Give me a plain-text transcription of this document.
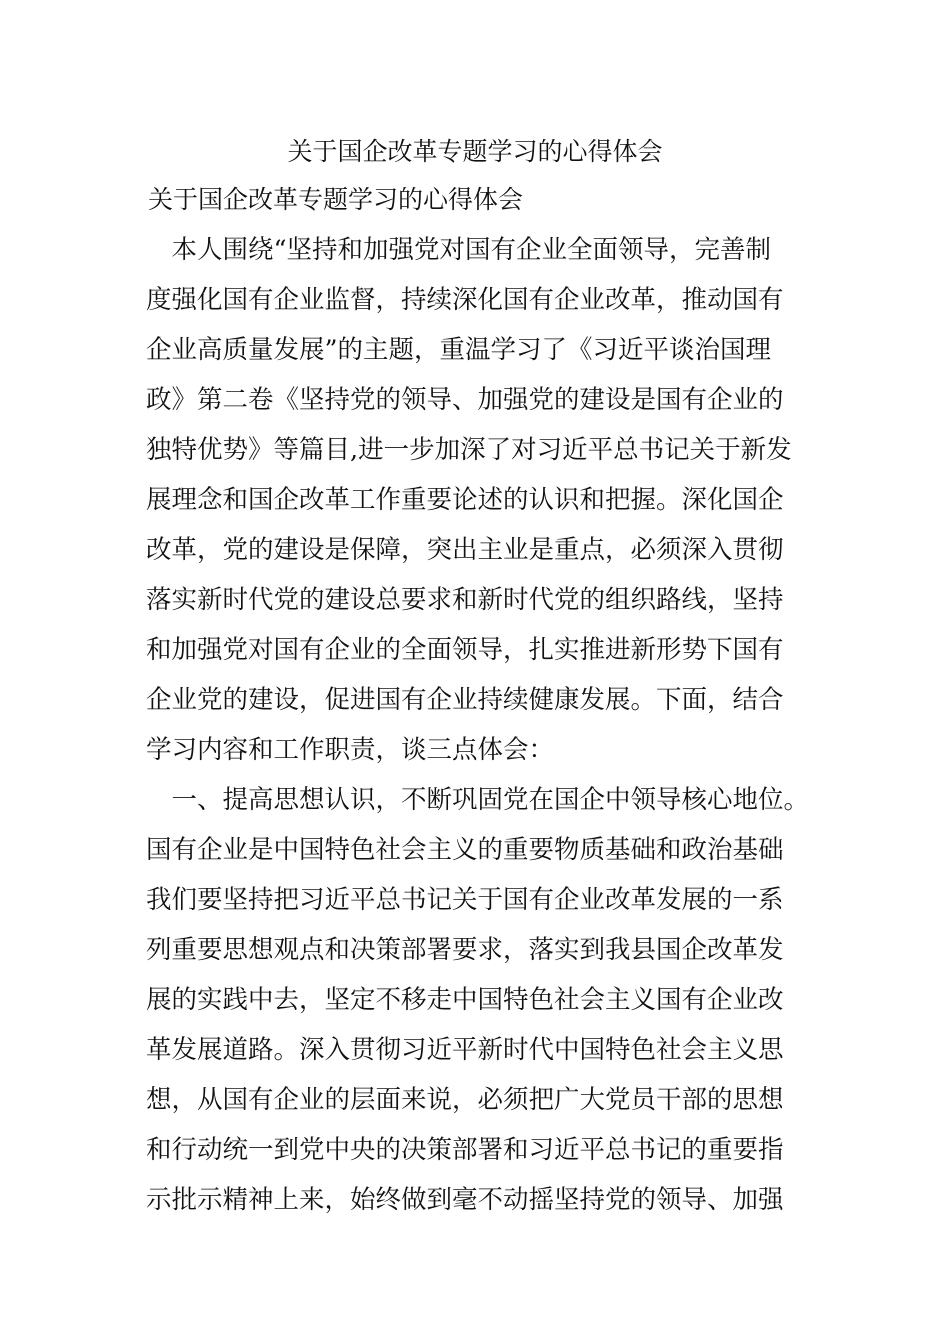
关于国企改革专题学习的心得体会

关于国企改革专题学习的心得体会

　本人围绕“坚持和加强党对国有企业全面领导，完善制

度强化国有企业监督，持续深化国有企业改革，推动国有

企业高质量发展”的主题，重温学习了《习近平谈治国理

政》第二卷《坚持党的领导、加强党的建设是国有企业的

独特优势》等篇目,进一步加深了对习近平总书记关于新发

展理念和国企改革工作重要论述的认识和把握。深化国企

改革，党的建设是保障，突出主业是重点，必须深入贯彻

落实新时代党的建设总要求和新时代党的组织路线，坚持

和加强党对国有企业的全面领导，扎实推进新形势下国有

企业党的建设，促进国有企业持续健康发展。下面，结合

学习内容和工作职责，谈三点体会：

　一、提高思想认识，不断巩固党在国企中领导核心地位。

国有企业是中国特色社会主义的重要物质基础和政治基础

我们要坚持把习近平总书记关于国有企业改革发展的一系

列重要思想观点和决策部署要求，落实到我县国企改革发

展的实践中去，坚定不移走中国特色社会主义国有企业改

革发展道路。深入贯彻习近平新时代中国特色社会主义思

想，从国有企业的层面来说，必须把广大党员干部的思想

和行动统一到党中央的决策部署和习近平总书记的重要指

示批示精神上来，始终做到毫不动摇坚持党的领导、加强
